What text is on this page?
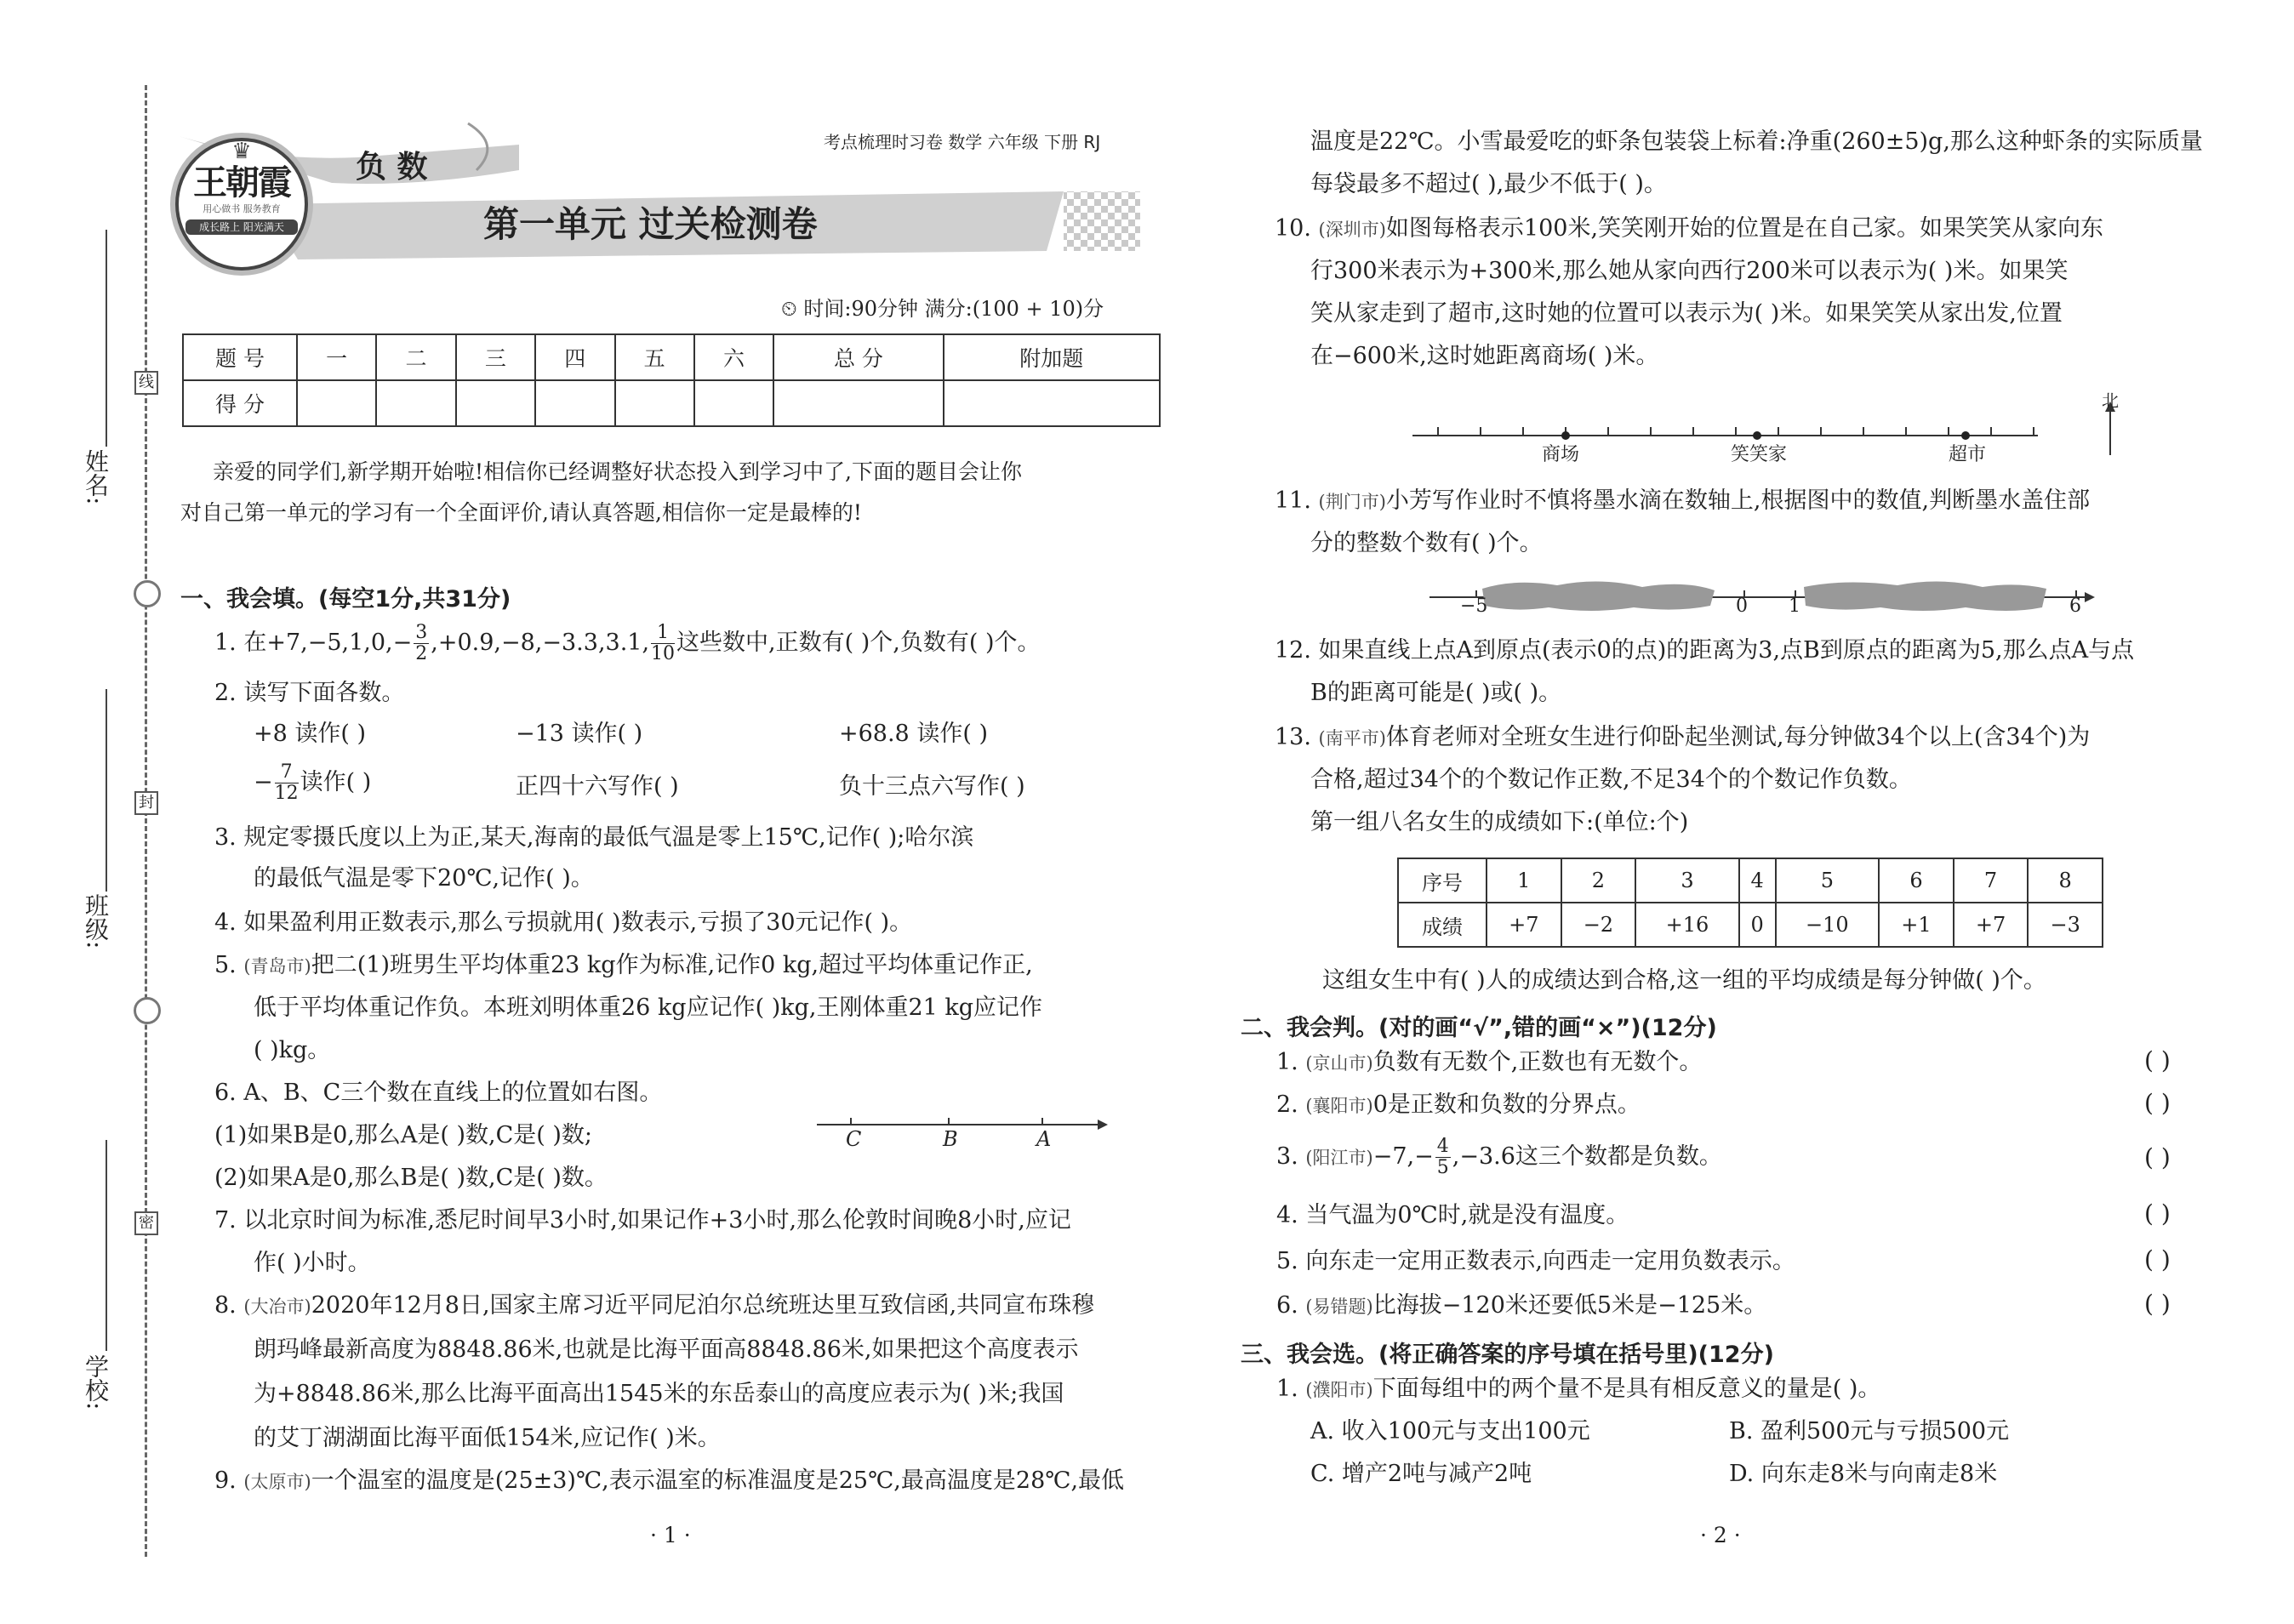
姓名:
班级:
学校:
线
封
密
考点梳理时习卷 数学 六年级 下册 RJ
♛
王朝霞
用心做书 服务教育
成长路上 阳光满天
负 数
第一单元 过关检测卷
⏲ 时间:90分钟 满分:(100 + 10)分
题 号	一	二	三	四	五	六	总 分	附加题
得 分								
亲爱的同学们,新学期开始啦!相信你已经调整好状态投入到学习中了,下面的题目会让你
对自己第一单元的学习有一个全面评价,请认真答题,相信你一定是最棒的!
一、我会填。(每空1分,共31分)
1. 在$+7,-5,1,0,- \frac{3}{2} ,+0.9,-8,-3.3,3.1$, $\frac{1}{10}$ 这些数中,正数有( )个,负数有( )个。
2. 读写下面各数。
+8 读作( )	−13 读作( )	+68.8 读作( )
− $\frac{7}{12}$ 读作( )	正四十六写作( )	负十三点六写作( )
3. 规定零摄氏度以上为正,某天,海南的最低气温是零上15℃,记作( );哈尔滨
的最低气温是零下20℃,记作( )。
4. 如果盈利用正数表示,那么亏损就用( )数表示,亏损了30元记作( )。
5. (青岛市)把二(1)班男生平均体重23 kg作为标准,记作0 kg,超过平均体重记作正,
低于平均体重记作负。本班刘明体重26 kg应记作( )kg,王刚体重21 kg应记作
( )kg。
6. A、B、C三个数在直线上的位置如右图。
(1)如果B是0,那么A是( )数,C是( )数;
(2)如果A是0,那么B是( )数,C是( )数。
C	B	A
7. 以北京时间为标准,悉尼时间早3小时,如果记作+3小时,那么伦敦时间晚8小时,应记
作( )小时。
8. (大冶市)2020年12月8日,国家主席习近平同尼泊尔总统班达里互致信函,共同宣布珠穆
朗玛峰最新高度为8848.86米,也就是比海平面高8848.86米,如果把这个高度表示
为+8848.86米,那么比海平面高出1545米的东岳泰山的高度应表示为( )米;我国
的艾丁湖湖面比海平面低154米,应记作( )米。
9. (太原市)一个温室的温度是(25±3)℃,表示温室的标准温度是25℃,最高温度是28℃,最低
· 1 ·
温度是22℃。小雪最爱吃的虾条包装袋上标着:净重(260±5)g,那么这种虾条的实际质量
每袋最多不超过( ),最少不低于( )。
10. (深圳市)如图每格表示100米,笑笑刚开始的位置是在自己家。如果笑笑从家向东
行300米表示为+300米,那么她从家向西行200米可以表示为( )米。如果笑
笑从家走到了超市,这时她的位置可以表示为( )米。如果笑笑从家出发,位置
在−600米,这时她距离商场( )米。
商场	笑笑家	超市
北
11. (荆门市)小芳写作业时不慎将墨水滴在数轴上,根据图中的数值,判断墨水盖住部
分的整数个数有( )个。
−5	0 1	6
12. 如果直线上点A到原点(表示0的点)的距离为3,点B到原点的距离为5,那么点A与点
B的距离可能是( )或( )。
13. (南平市)体育老师对全班女生进行仰卧起坐测试,每分钟做34个以上(含34个)为
合格,超过34个的个数记作正数,不足34个的个数记作负数。
第一组八名女生的成绩如下:(单位:个)
序号	1	2	3	4	5	6	7	8
成绩	+7	−2	+16	0	−10	+1	+7	−3
这组女生中有( )人的成绩达到合格,这一组的平均成绩是每分钟做( )个。
二、我会判。(对的画“√”,错的画“×”)(12分)
1. (京山市)负数有无数个,正数也有无数个。	( )
2. (襄阳市)0是正数和负数的分界点。	( )
3. (阳江市)$-7,- \frac{4}{5} ,-3.6$这三个数都是负数。	( )
4. 当气温为0℃时,就是没有温度。	( )
5. 向东走一定用正数表示,向西走一定用负数表示。	( )
6. (易错题)比海拔−120米还要低5米是−125米。	( )
三、我会选。(将正确答案的序号填在括号里)(12分)
1. (濮阳市)下面每组中的两个量不是具有相反意义的量是( )。
A. 收入100元与支出100元	B. 盈利500元与亏损500元
C. 增产2吨与减产2吨	D. 向东走8米与向南走8米
· 2 ·
